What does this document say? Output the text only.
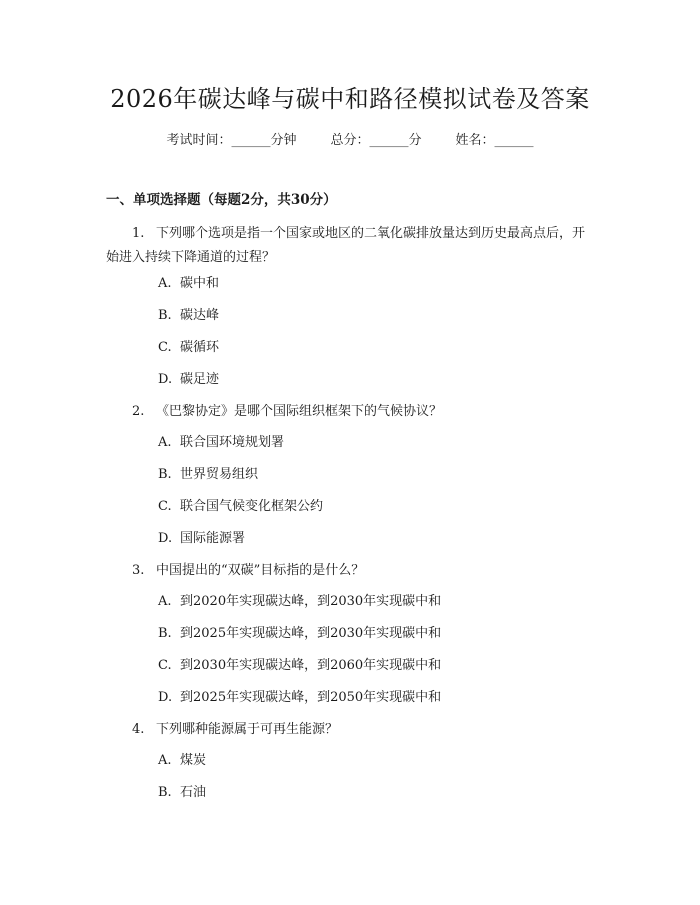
2026年碳达峰与碳中和路径模拟试卷及答案
考试时间：______分钟	总分：______分	姓名：______
一、单项选择题（每题2分，共30分）
1. 下列哪个选项是指一个国家或地区的二氧化碳排放量达到历史最高点后，开始进入持续下降通道的过程？
A. 碳中和
B. 碳达峰
C. 碳循环
D. 碳足迹
2. 《巴黎协定》是哪个国际组织框架下的气候协议？
A. 联合国环境规划署
B. 世界贸易组织
C. 联合国气候变化框架公约
D. 国际能源署
3. 中国提出的“双碳”目标指的是什么？
A. 到2020年实现碳达峰，到2030年实现碳中和
B. 到2025年实现碳达峰，到2030年实现碳中和
C. 到2030年实现碳达峰，到2060年实现碳中和
D. 到2025年实现碳达峰，到2050年实现碳中和
4. 下列哪种能源属于可再生能源？
A. 煤炭
B. 石油
